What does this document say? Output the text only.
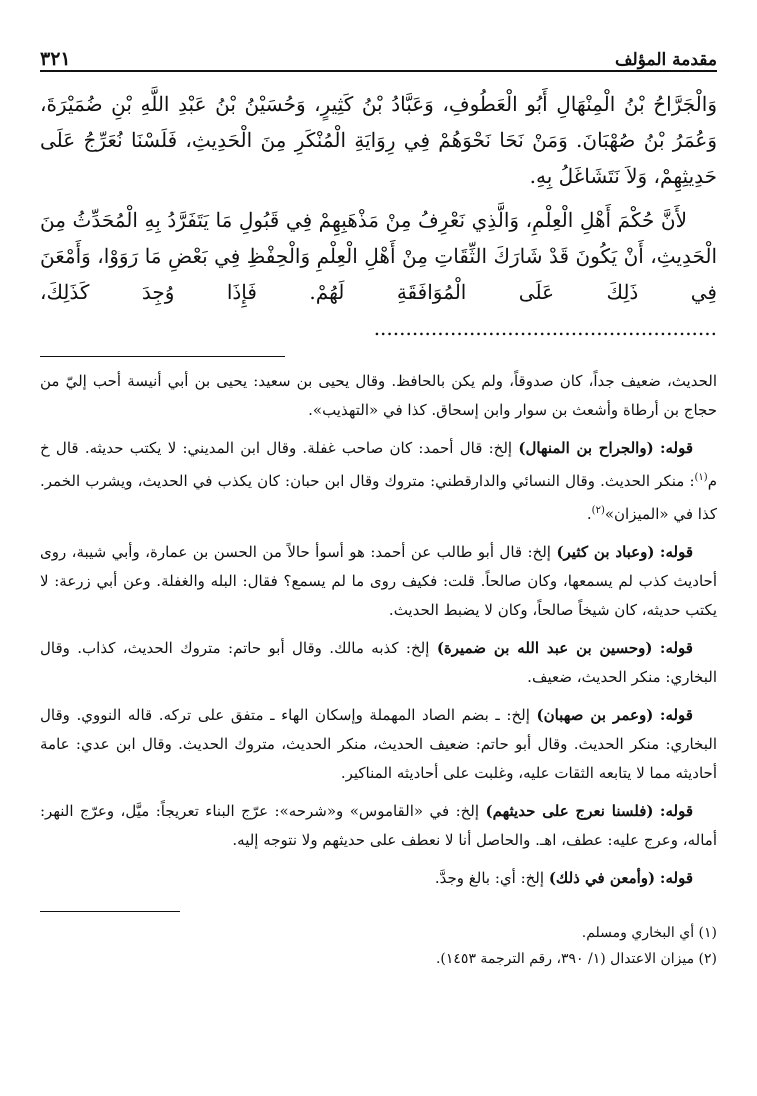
مقدمة المؤلف
٣٢١

وَالْجَرَّاحُ بْنُ الْمِنْهَالِ أَبُو الْعَطُوفِ، وَعَبَّادُ بْنُ كَثِيرٍ، وَحُسَيْنُ بْنُ عَبْدِ اللَّهِ بْنِ ضُمَيْرَةَ، وَعُمَرُ بْنُ صُهْبَانَ. وَمَنْ نَحَا نَحْوَهُمْ فِي رِوَايَةِ الْمُنْكَرِ مِنَ الْحَدِيثِ، فَلَسْنَا نُعَرِّجُ عَلَى حَدِيثِهِمْ، وَلاَ نَتَشَاغَلُ بِهِ.

لأَنَّ حُكْمَ أَهْلِ الْعِلْمِ، وَالَّذِي نَعْرِفُ مِنْ مَذْهَبِهِمْ فِي قَبُولِ مَا يَتَفَرَّدُ بِهِ الْمُحَدِّثُ مِنَ الْحَدِيثِ، أَنْ يَكُونَ قَدْ شَارَكَ الثِّقَاتِ مِنْ أَهْلِ الْعِلْمِ وَالْحِفْظِ فِي بَعْضِ مَا رَوَوْا، وَأَمْعَنَ فِي ذَلِكَ عَلَى الْمُوَافَقَةِ لَهُمْ. فَإِذَا وُجِدَ كَذَلِكَ، ......................................................

الحديث، ضعيف جداً، كان صدوقاً، ولم يكن بالحافظ. وقال يحيى بن سعيد: يحيى بن أبي أنيسة أحب إليّ من حجاج بن أرطاة وأشعث بن سوار وابن إسحاق. كذا في «التهذيب».

قوله: (والجراح بن المنهال) إلخ: قال أحمد: كان صاحب غفلة. وقال ابن المديني: لا يكتب حديثه. قال خ م$^{(١)}$: منكر الحديث. وقال النسائي والدارقطني: متروك وقال ابن حبان: كان يكذب في الحديث، ويشرب الخمر. كذا في «الميزان»$^{(٢)}$.

قوله: (وعباد بن كثير) إلخ: قال أبو طالب عن أحمد: هو أسوأ حالاً من الحسن بن عمارة، وأبي شيبة، روى أحاديث كذب لم يسمعها، وكان صالحاً. قلت: فكيف روى ما لم يسمع؟ فقال: البله والغفلة. وعن أبي زرعة: لا يكتب حديثه، كان شيخاً صالحاً، وكان لا يضبط الحديث.

قوله: (وحسين بن عبد الله بن ضميرة) إلخ: كذبه مالك. وقال أبو حاتم: متروك الحديث، كذاب. وقال البخاري: منكر الحديث، ضعيف.

قوله: (وعمر بن صهبان) إلخ: ـ بضم الصاد المهملة وإسكان الهاء ـ متفق على تركه. قاله النووي. وقال البخاري: منكر الحديث. وقال أبو حاتم: ضعيف الحديث، منكر الحديث، متروك الحديث. وقال ابن عدي: عامة أحاديثه مما لا يتابعه الثقات عليه، وغلبت على أحاديثه المناكير.

قوله: (فلسنا نعرج على حديثهم) إلخ: في «القاموس» و«شرحه»: عرّج البناء تعريجاً: ميَّل، وعرّج النهر: أماله، وعرج عليه: عطف، اهـ. والحاصل أنا لا نعطف على حديثهم ولا نتوجه إليه.

قوله: (وأمعن في ذلك) إلخ: أي: بالغ وجدَّ.

(١) أي البخاري ومسلم.

(٢) ميزان الاعتدال (١/ ٣٩٠، رقم الترجمة ١٤٥٣).
